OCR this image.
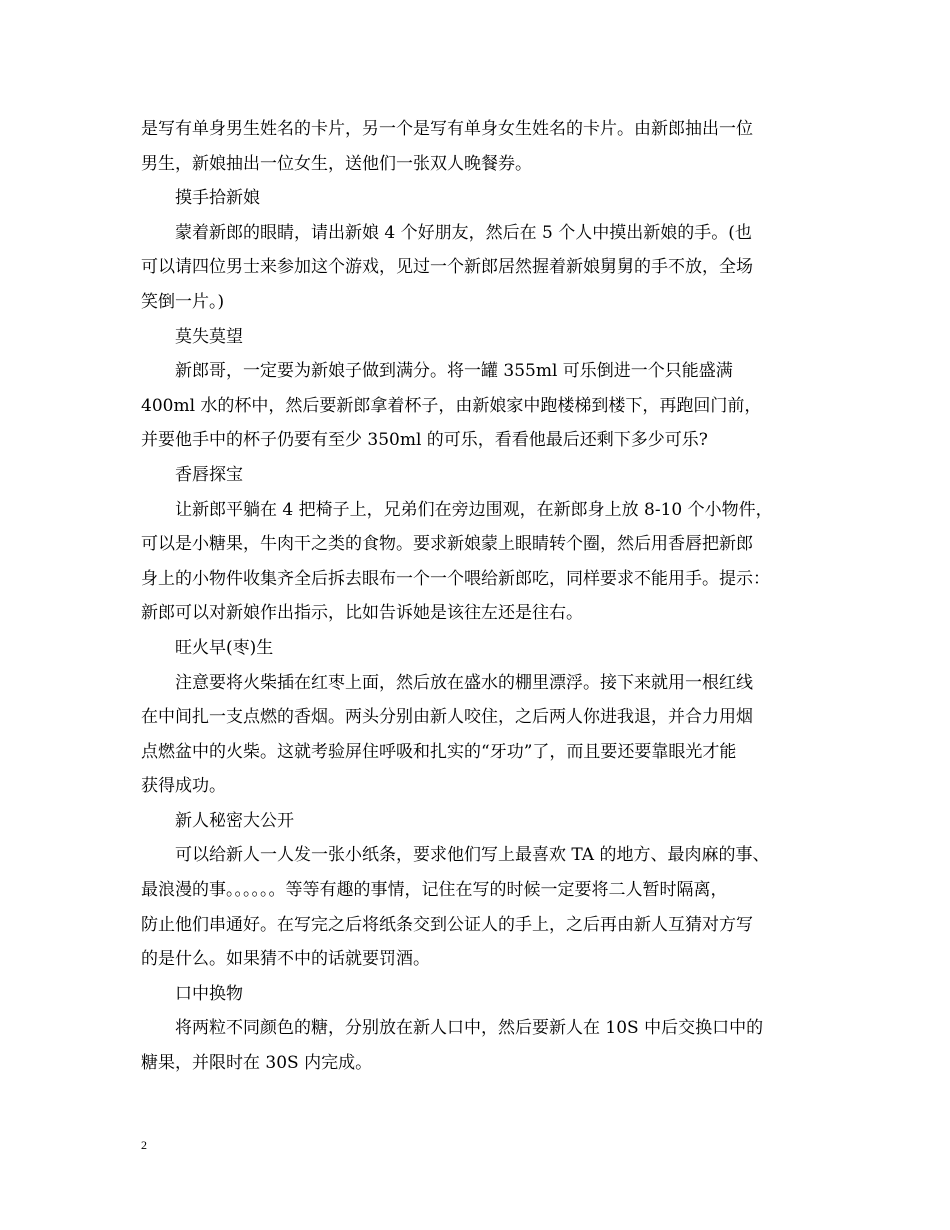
是写有单身男生姓名的卡片，另一个是写有单身女生姓名的卡片。由新郎抽出一位
男生，新娘抽出一位女生，送他们一张双人晚餐券。
摸手拾新娘
蒙着新郎的眼睛，请出新娘 4 个好朋友，然后在 5 个人中摸出新娘的手。(也
可以请四位男士来参加这个游戏，见过一个新郎居然握着新娘舅舅的手不放，全场
笑倒一片。)
莫失莫望
新郎哥，一定要为新娘子做到满分。将一罐 355ml 可乐倒进一个只能盛满
400ml 水的杯中，然后要新郎拿着杯子，由新娘家中跑楼梯到楼下，再跑回门前，
并要他手中的杯子仍要有至少 350ml 的可乐，看看他最后还剩下多少可乐?
香唇探宝
让新郎平躺在 4 把椅子上，兄弟们在旁边围观，在新郎身上放 8-10 个小物件，
可以是小糖果，牛肉干之类的食物。要求新娘蒙上眼睛转个圈，然后用香唇把新郎
身上的小物件收集齐全后拆去眼布一个一个喂给新郎吃，同样要求不能用手。提示：
新郎可以对新娘作出指示，比如告诉她是该往左还是往右。
旺火早(枣)生
注意要将火柴插在红枣上面，然后放在盛水的棚里漂浮。接下来就用一根红线
在中间扎一支点燃的香烟。两头分别由新人咬住，之后两人你进我退，并合力用烟
点燃盆中的火柴。这就考验屏住呼吸和扎实的“牙功”了，而且要还要靠眼光才能
获得成功。
新人秘密大公开
可以给新人一人发一张小纸条，要求他们写上最喜欢 TA 的地方、最肉麻的事、
最浪漫的事。。。。。。等等有趣的事情，记住在写的时候一定要将二人暂时隔离，
防止他们串通好。在写完之后将纸条交到公证人的手上，之后再由新人互猜对方写
的是什么。如果猜不中的话就要罚酒。
口中换物
将两粒不同颜色的糖，分别放在新人口中，然后要新人在 10S 中后交换口中的
糖果，并限时在 30S 内完成。
2
